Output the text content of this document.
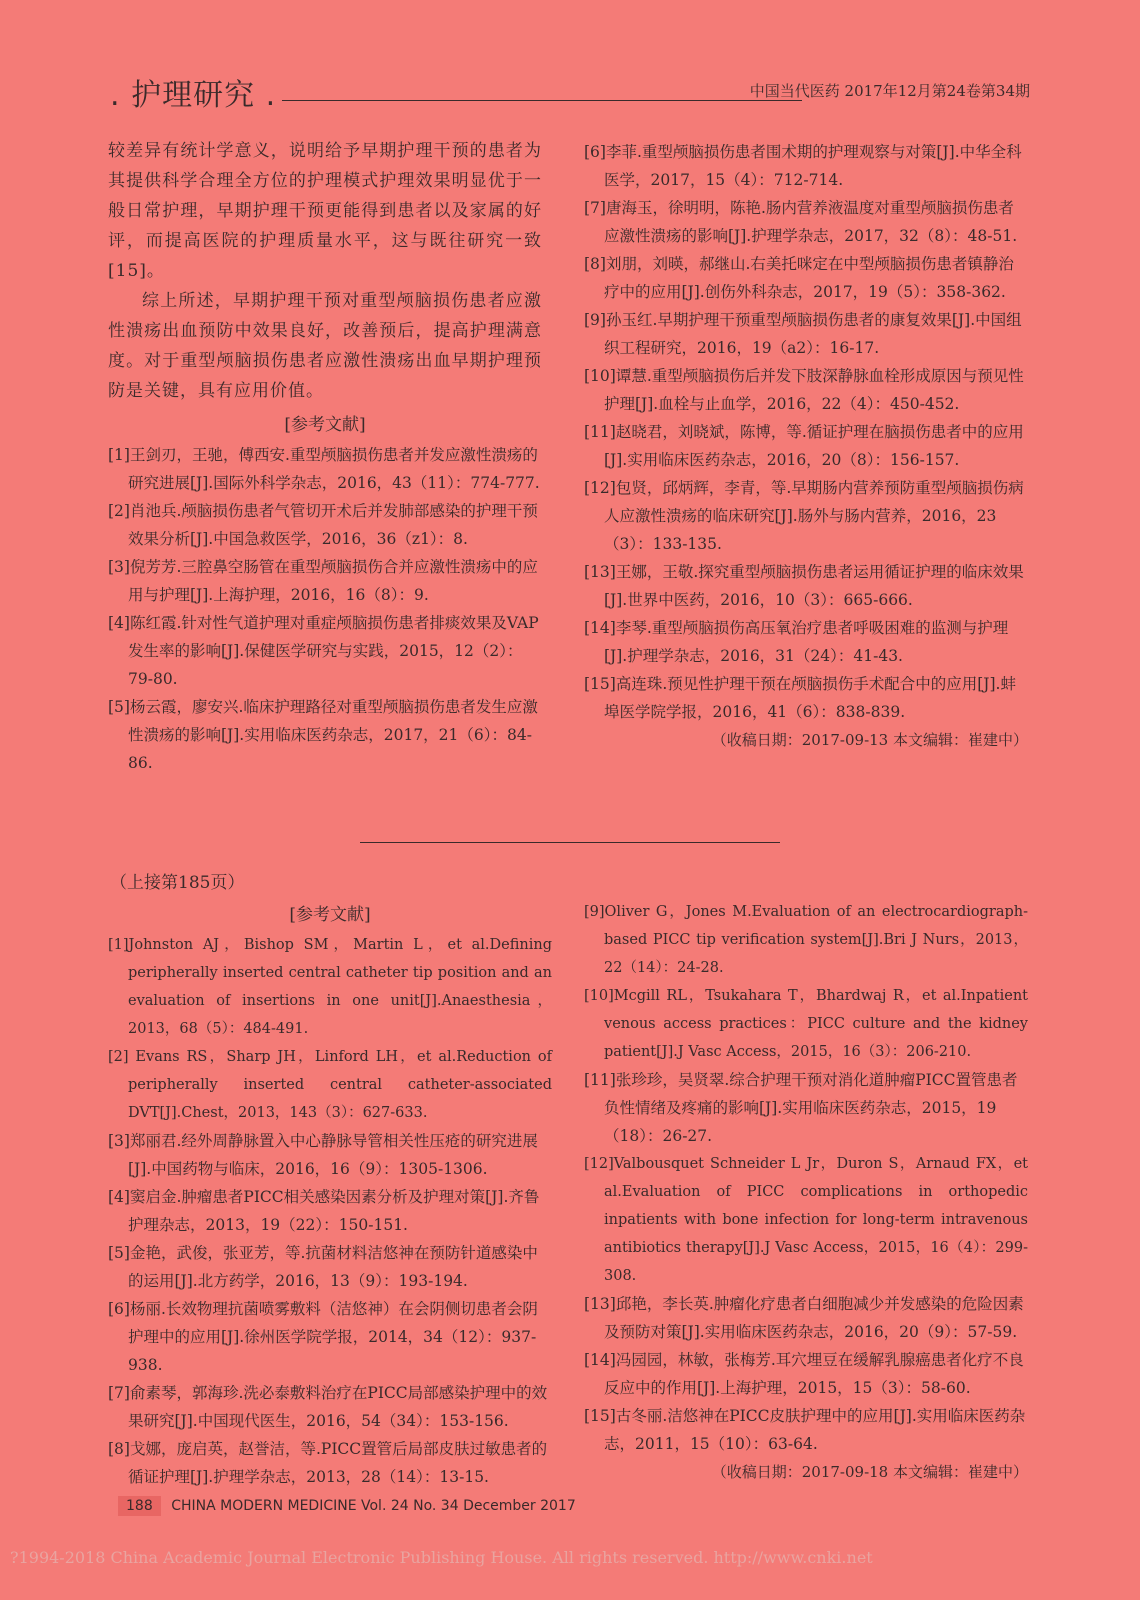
. 护理研究 .	中国当代医药 2017年12月第24卷第34期

较差异有统计学意义，说明给予早期护理干预的患者为其提供科学合理全方位的护理模式护理效果明显优于一般日常护理，早期护理干预更能得到患者以及家属的好评，而提高医院的护理质量水平，这与既往研究一致[15]。

综上所述，早期护理干预对重型颅脑损伤患者应激性溃疡出血预防中效果良好，改善预后，提高护理满意度。对于重型颅脑损伤患者应激性溃疡出血早期护理预防是关键，具有应用价值。

[参考文献]
[1]王剑刃，王驰，傅西安.重型颅脑损伤患者并发应激性溃疡的研究进展[J].国际外科学杂志，2016，43（11）：774-777.
[2]肖池兵.颅脑损伤患者气管切开术后并发肺部感染的护理干预效果分析[J].中国急救医学，2016，36（z1）：8.
[3]倪芳芳.三腔鼻空肠管在重型颅脑损伤合并应激性溃疡中的应用与护理[J].上海护理，2016，16（8）：9.
[4]陈红霞.针对性气道护理对重症颅脑损伤患者排痰效果及VAP发生率的影响[J].保健医学研究与实践，2015，12（2）：79-80.
[5]杨云霞，廖安兴.临床护理路径对重型颅脑损伤患者发生应激性溃疡的影响[J].实用临床医药杂志，2017，21（6）：84-86.
[6]李菲.重型颅脑损伤患者围术期的护理观察与对策[J].中华全科医学，2017，15（4）：712-714.
[7]唐海玉，徐明明，陈艳.肠内营养液温度对重型颅脑损伤患者应激性溃疡的影响[J].护理学杂志，2017，32（8）：48-51.
[8]刘朋，刘暎，郝继山.右美托咪定在中型颅脑损伤患者镇静治疗中的应用[J].创伤外科杂志，2017，19（5）：358-362.
[9]孙玉红.早期护理干预重型颅脑损伤患者的康复效果[J].中国组织工程研究，2016，19（a2）：16-17.
[10]谭慧.重型颅脑损伤后并发下肢深静脉血栓形成原因与预见性护理[J].血栓与止血学，2016，22（4）：450-452.
[11]赵晓君，刘晓斌，陈博，等.循证护理在脑损伤患者中的应用[J].实用临床医药杂志，2016，20（8）：156-157.
[12]包贤，邱炳辉，李青，等.早期肠内营养预防重型颅脑损伤病人应激性溃疡的临床研究[J].肠外与肠内营养，2016，23（3）：133-135.
[13]王娜，王敬.探究重型颅脑损伤患者运用循证护理的临床效果[J].世界中医药，2016，10（3）：665-666.
[14]李琴.重型颅脑损伤高压氧治疗患者呼吸困难的监测与护理[J].护理学杂志，2016，31（24）：41-43.
[15]高连珠.预见性护理干预在颅脑损伤手术配合中的应用[J].蚌埠医学院学报，2016，41（6）：838-839.
（收稿日期：2017-09-13 本文编辑：崔建中）
（上接第185页）
[参考文献]
[1]Johnston AJ，Bishop SM，Martin L，et al.Defining peripherally inserted central catheter tip position and an evaluation of insertions in one unit[J].Anaesthesia，2013，68（5）：484-491.
[2] Evans RS，Sharp JH，Linford LH，et al.Reduction of peripherally inserted central catheter-associated DVT[J].Chest，2013，143（3）：627-633.
[3]郑丽君.经外周静脉置入中心静脉导管相关性压疮的研究进展[J].中国药物与临床，2016，16（9）：1305-1306.
[4]窦启金.肿瘤患者PICC相关感染因素分析及护理对策[J].齐鲁护理杂志，2013，19（22）：150-151.
[5]金艳，武俊，张亚芳，等.抗菌材料洁悠神在预防针道感染中的运用[J].北方药学，2016，13（9）：193-194.
[6]杨丽.长效物理抗菌喷雾敷料（洁悠神）在会阴侧切患者会阴护理中的应用[J].徐州医学院学报，2014，34（12）：937-938.
[7]俞素琴，郭海珍.洗必泰敷料治疗在PICC局部感染护理中的效果研究[J].中国现代医生，2016，54（34）：153-156.
[8]戈娜，庞启英，赵誉洁，等.PICC置管后局部皮肤过敏患者的循证护理[J].护理学杂志，2013，28（14）：13-15.
[9]Oliver G，Jones M.Evaluation of an electrocardiograph-based PICC tip verification system[J].Bri J Nurs，2013，22（14）：24-28.
[10]Mcgill RL，Tsukahara T，Bhardwaj R，et al.Inpatient venous access practices：PICC culture and the kidney patient[J].J Vasc Access，2015，16（3）：206-210.
[11]张珍珍，吴贤翠.综合护理干预对消化道肿瘤PICC置管患者负性情绪及疼痛的影响[J].实用临床医药杂志，2015，19（18）：26-27.
[12]Valbousquet Schneider L Jr，Duron S，Arnaud FX，et al.Evaluation of PICC complications in orthopedic inpatients with bone infection for long-term intravenous antibiotics therapy[J].J Vasc Access，2015，16（4）：299-308.
[13]邱艳，李长英.肿瘤化疗患者白细胞减少并发感染的危险因素及预防对策[J].实用临床医药杂志，2016，20（9）：57-59.
[14]冯园园，林敏，张梅芳.耳穴埋豆在缓解乳腺癌患者化疗不良反应中的作用[J].上海护理，2015，15（3）：58-60.
[15]古冬丽.洁悠神在PICC皮肤护理中的应用[J].实用临床医药杂志，2011，15（10）：63-64.
（收稿日期：2017-09-18 本文编辑：崔建中）
188 CHINA MODERN MEDICINE Vol. 24 No. 34 December 2017
?1994-2018 China Academic Journal Electronic Publishing House. All rights reserved. http://www.cnki.net
